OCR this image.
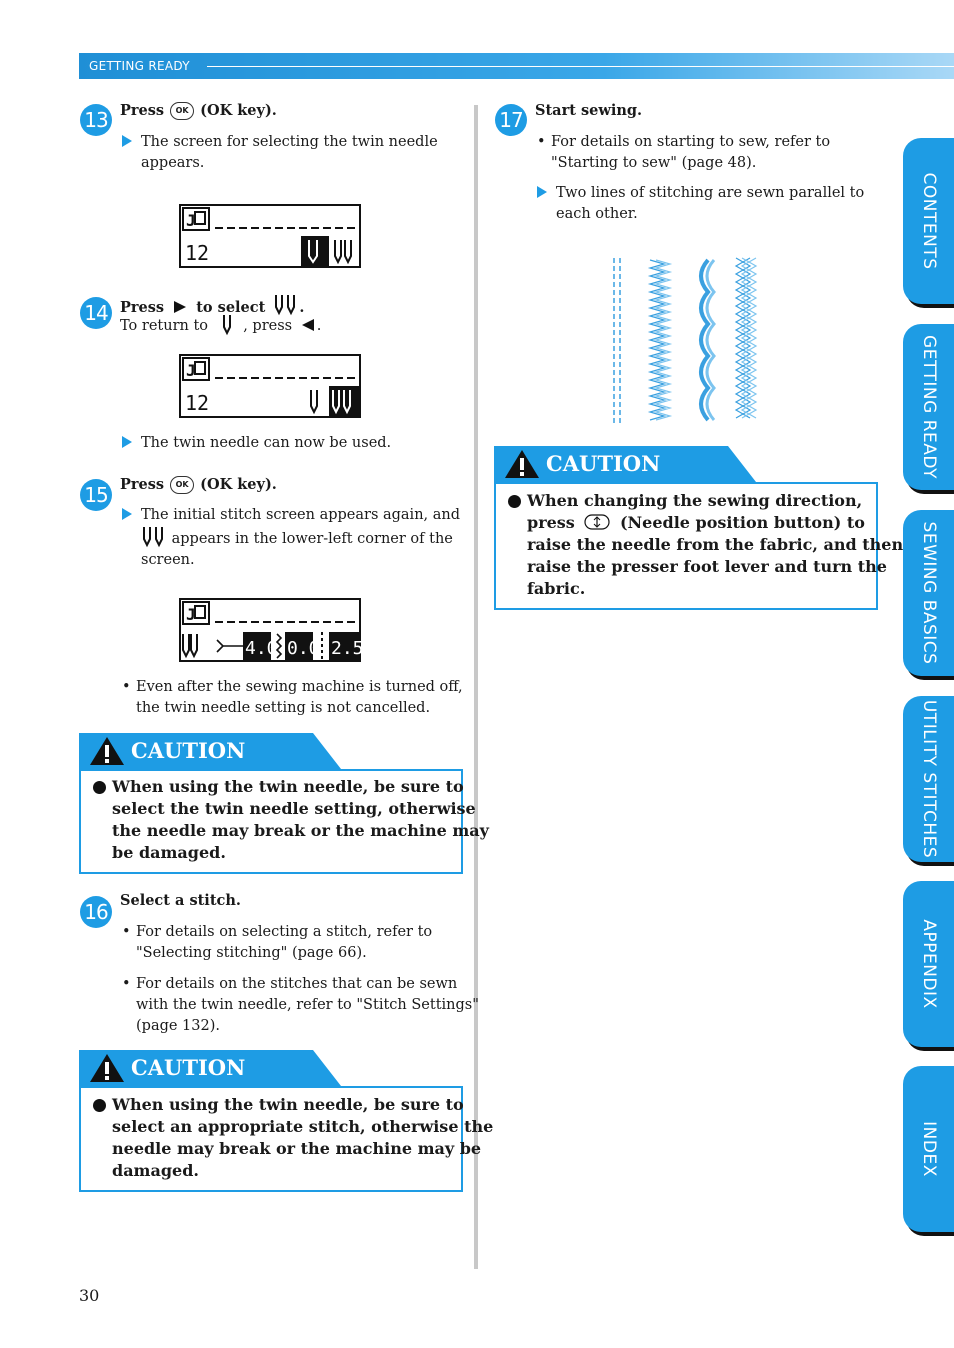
GETTING READY
13 Press OK (OK key).
The screen for selecting the twin needle
appears.
J
12
14 Press to select .
To return to , press .
J
12
The twin needle can now be used.
15 Press OK (OK key).
The initial stitch screen appears again, and
appears in the lower-left corner of the
screen.
J
4.0 0.0 2.5
• Even after the sewing machine is turned off,
the twin needle setting is not cancelled.
CAUTION
When using the twin needle, be sure to
select the twin needle setting, otherwise
the needle may break or the machine may
be damaged.
16 Select a stitch.
• For details on selecting a stitch, refer to
"Selecting stitching" (page 66).
• For details on the stitches that can be sewn
with the twin needle, refer to "Stitch Settings"
(page 132).
CAUTION
When using the twin needle, be sure to
select an appropriate stitch, otherwise the
needle may break or the machine may be
damaged.
17 Start sewing.
• For details on starting to sew, refer to
"Starting to sew" (page 48).
Two lines of stitching are sewn parallel to
each other.
CAUTION
When changing the sewing direction,
press	(Needle position button) to
raise the needle from the fabric, and then
raise the presser foot lever and turn the
fabric.
CONTENTS
GETTING READY
SEWING BASICS
UTILITY STITCHES
APPENDIX
INDEX
30
